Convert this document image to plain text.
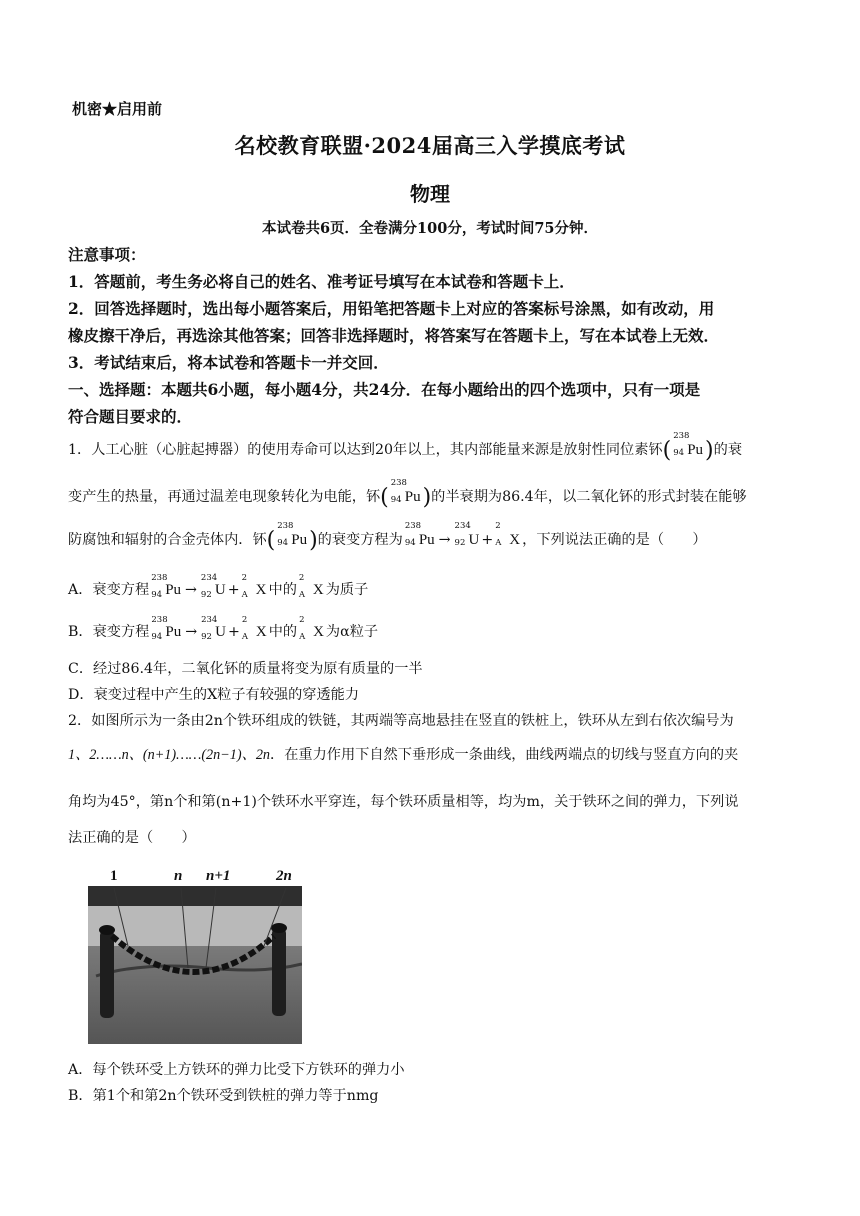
机密★启用前
名校教育联盟·2024届高三入学摸底考试
物理
本试卷共6页．全卷满分100分，考试时间75分钟．
注意事项：
1．答题前，考生务必将自己的姓名、准考证号填写在本试卷和答题卡上．
2．回答选择题时，选出每小题答案后，用铅笔把答题卡上对应的答案标号涂黑，如有改动，用
橡皮擦干净后，再选涂其他答案；回答非选择题时，将答案写在答题卡上，写在本试卷上无效．
3．考试结束后，将本试卷和答题卡一并交回．
一、选择题：本题共6小题，每小题4分，共24分．在每小题给出的四个选项中，只有一项是
符合题目要求的．
1．人工心脏（心脏起搏器）的使用寿命可以达到20年以上，其内部能量来源是放射性同位素钚(
238
94 Pu)的衰
变产生的热量，再通过温差电现象转化为电能，钚(
238
94 Pu)的半衰期为86.4年，以二氧化钚的形式封装在能够
防腐蚀和辐射的合金壳体内．钚(
238
94 Pu)的衰变方程为
238
94 Pu →
234
92 U +
2
A X ，下列说法正确的是（　　）
A．衰变方程
238
94 Pu →
234
92 U +
2
A X 中的
2
A X 为质子
B．衰变方程
238
94 Pu →
234
92 U +
2
A X 中的
2
A X 为α粒子
C．经过86.4年，二氧化钚的质量将变为原有质量的一半
D．衰变过程中产生的X粒子有较强的穿透能力
2．如图所示为一条由2n个铁环组成的铁链，其两端等高地悬挂在竖直的铁桩上，铁环从左到右依次编号为
1、2……n、(n+1)……(2n−1)、2n．在重力作用下自然下垂形成一条曲线，曲线两端点的切线与竖直方向的夹
角均为45°，第n个和第(n+1)个铁环水平穿连，每个铁环质量相等，均为m，关于铁环之间的弹力，下列说
法正确的是（　　）
1	n n+1	2n
A．每个铁环受上方铁环的弹力比受下方铁环的弹力小
B．第1个和第2n个铁环受到铁桩的弹力等于nmg
